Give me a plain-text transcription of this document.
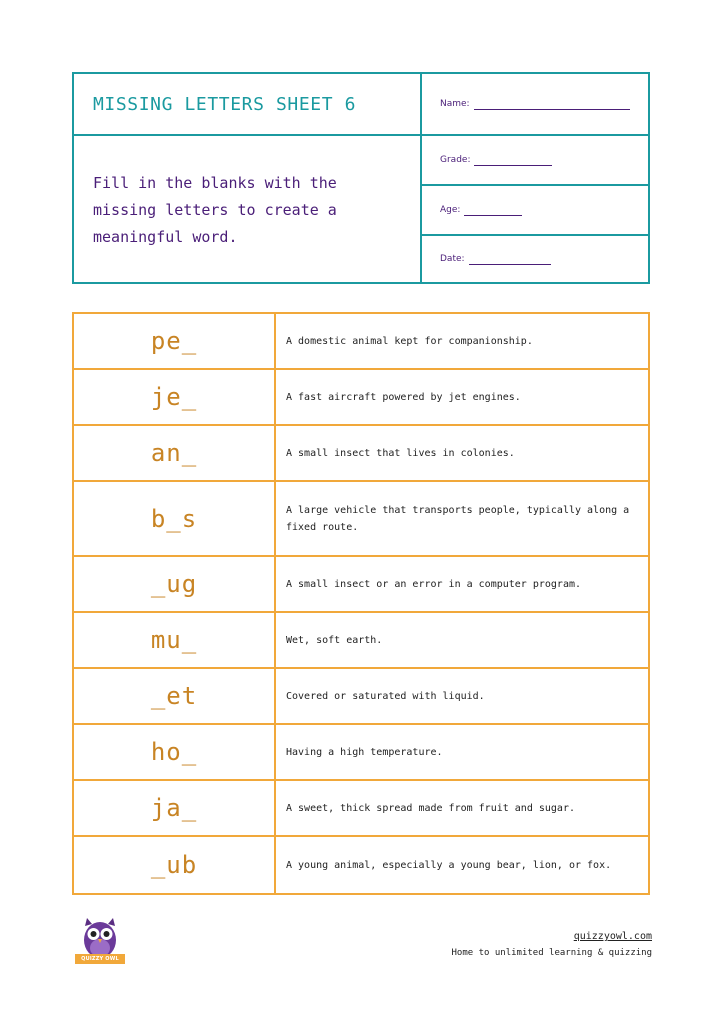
MISSING LETTERS SHEET 6

Fill in the blanks with the missing letters to create a meaningful word.

Name:
Grade:
Age:
Date:
pe_	A domestic animal kept for companionship.
je_	A fast aircraft powered by jet engines.
an_	A small insect that lives in colonies.
b_s	A large vehicle that transports people, typically along a fixed route.
_ug	A small insect or an error in a computer program.
mu_	Wet, soft earth.
_et	Covered or saturated with liquid.
ho_	Having a high temperature.
ja_	A sweet, thick spread made from fruit and sugar.
_ub	A young animal, especially a young bear, lion, or fox.
QUIZZY OWL
quizzyowl.com
Home to unlimited learning & quizzing
